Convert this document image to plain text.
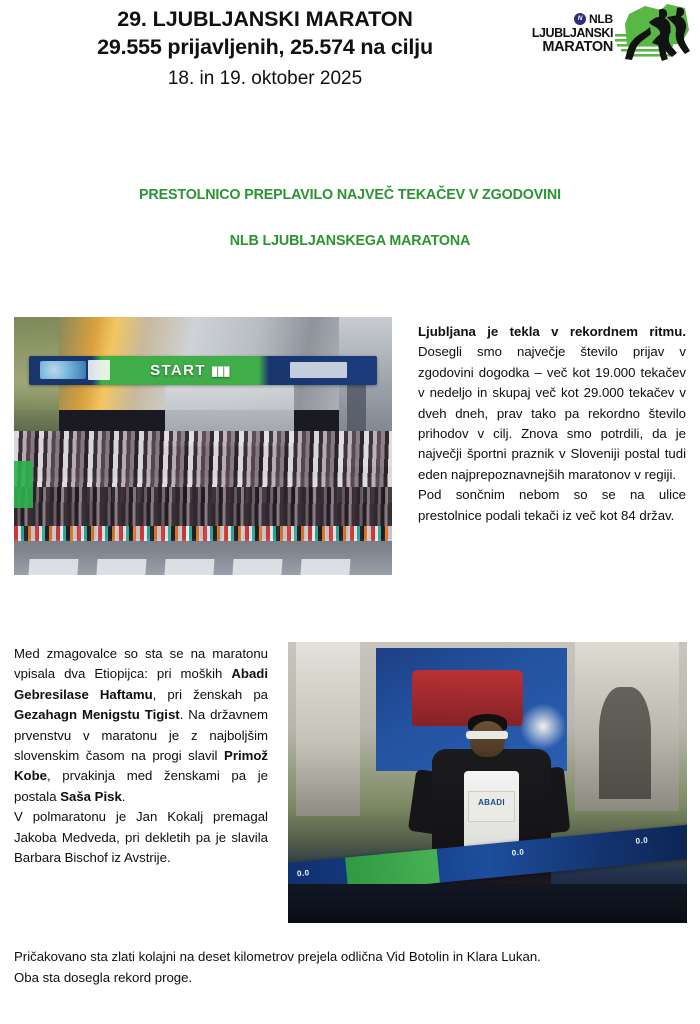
29. LJUBLJANSKI MARATON
29.555 prijavljenih, 25.574 na cilju
18. in 19. oktober 2025
N NLB
LJUBLJANSKI
MARATON
PRESTOLNICO PREPLAVILO NAJVEČ TEKAČEV V ZGODOVINI
NLB LJUBLJANSKEGA MARATONA
START ▮▮▮

Ljubljana je tekla v rekordnem ritmu. Dosegli smo največje število prijav v zgodovini dogodka – več kot 19.000 tekačev v nedeljo in skupaj več kot 29.000 tekačev v dveh dneh, prav tako pa rekordno število prihodov v cilj. Znova smo potrdili, da je največji športni praznik v Sloveniji postal tudi eden najprepoznavnejših maratonov v regiji.

Pod sončnim nebom so se na ulice prestolnice podali tekači iz več kot 84 držav.

ABADI
0.0
0.0
0.0

Med zmagovalce so sta se na maratonu vpisala dva Etiopijca: pri moških Abadi Gebresilase Haftamu, pri ženskah pa Gezahagn Menigstu Tigist. Na državnem prvenstvu v maratonu je z najboljšim slovenskim časom na progi slavil Primož Kobe, prvakinja med ženskami pa je postala Saša Pisk.

V polmaratonu je Jan Kokalj premagal Jakoba Medveda, pri dekletih pa je slavila Barbara Bischof iz Avstrije.

Pričakovano sta zlati kolajni na deset kilometrov prejela odlična Vid Botolin in Klara Lukan.

Oba sta dosegla rekord proge.
